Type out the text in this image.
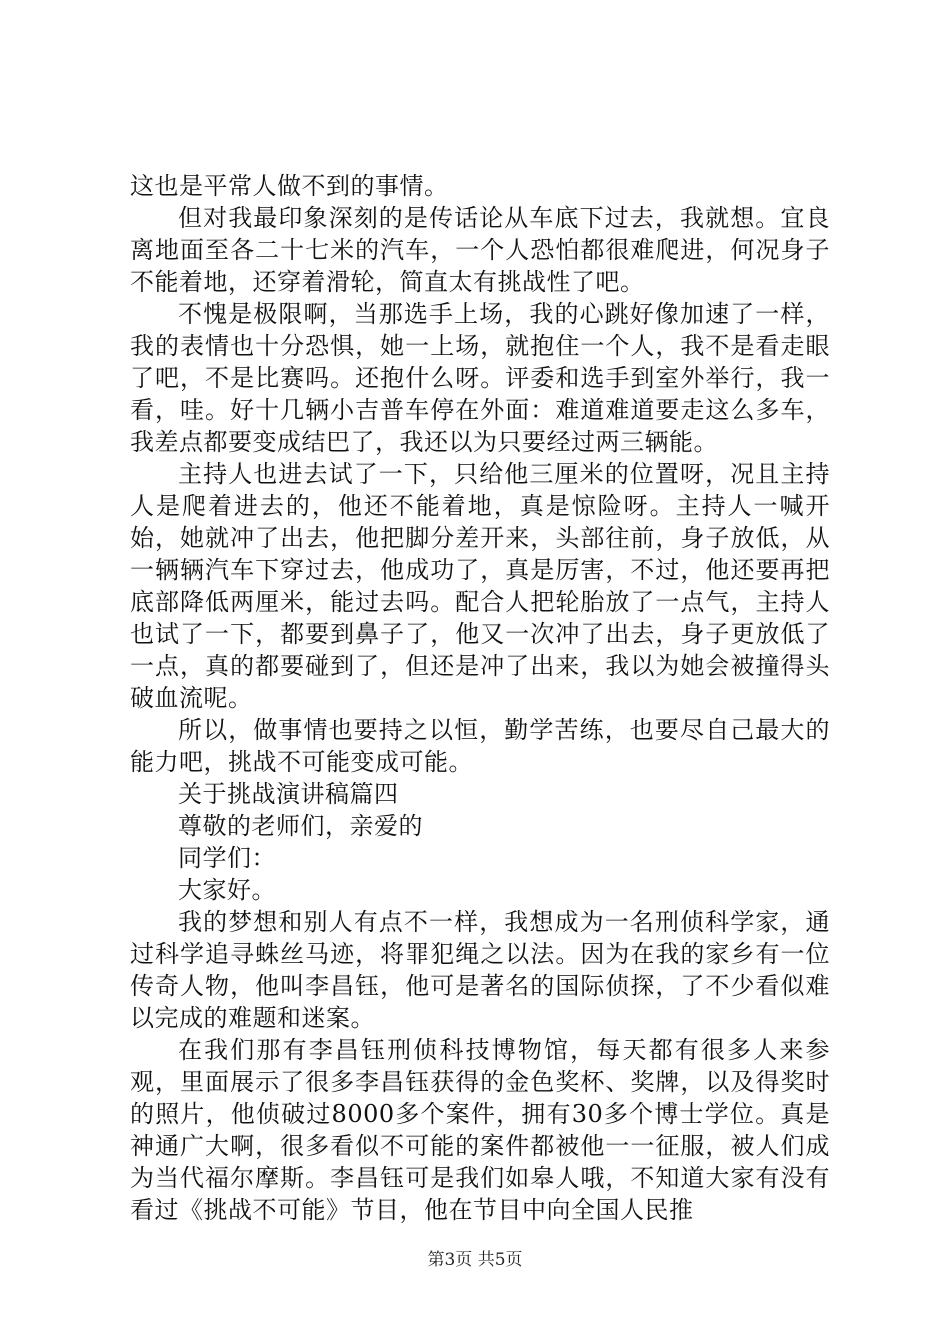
这也是平常人做不到的事情。

但对我最印象深刻的是传话论从车底下过去，我就想。宜良离地面至各二十七米的汽车，一个人恐怕都很难爬进，何况身子不能着地，还穿着滑轮，简直太有挑战性了吧。

不愧是极限啊，当那选手上场，我的心跳好像加速了一样，我的表情也十分恐惧，她一上场，就抱住一个人，我不是看走眼了吧，不是比赛吗。还抱什么呀。评委和选手到室外举行，我一看，哇。好十几辆小吉普车停在外面：难道难道要走这么多车，我差点都要变成结巴了，我还以为只要经过两三辆能。

主持人也进去试了一下，只给他三厘米的位置呀，况且主持人是爬着进去的，他还不能着地，真是惊险呀。主持人一喊开始，她就冲了出去，他把脚分差开来，头部往前，身子放低，从一辆辆汽车下穿过去，他成功了，真是厉害，不过，他还要再把底部降低两厘米，能过去吗。配合人把轮胎放了一点气，主持人也试了一下，都要到鼻子了，他又一次冲了出去，身子更放低了一点，真的都要碰到了，但还是冲了出来，我以为她会被撞得头破血流呢。

所以，做事情也要持之以恒，勤学苦练，也要尽自己最大的能力吧，挑战不可能变成可能。

关于挑战演讲稿篇四

尊敬的老师们，亲爱的

同学们：

大家好。

我的梦想和别人有点不一样，我想成为一名刑侦科学家，通过科学追寻蛛丝马迹，将罪犯绳之以法。因为在我的家乡有一位传奇人物，他叫李昌钰，他可是著名的国际侦探，了不少看似难以完成的难题和迷案。

在我们那有李昌钰刑侦科技博物馆，每天都有很多人来参观，里面展示了很多李昌钰获得的金色奖杯、奖牌，以及得奖时的照片，他侦破过8000多个案件，拥有30多个博士学位。真是神通广大啊，很多看似不可能的案件都被他一一征服，被人们成为当代福尔摩斯。李昌钰可是我们如皋人哦，不知道大家有没有看过《挑战不可能》节目，他在节目中向全国人民推

第3页 共5页
